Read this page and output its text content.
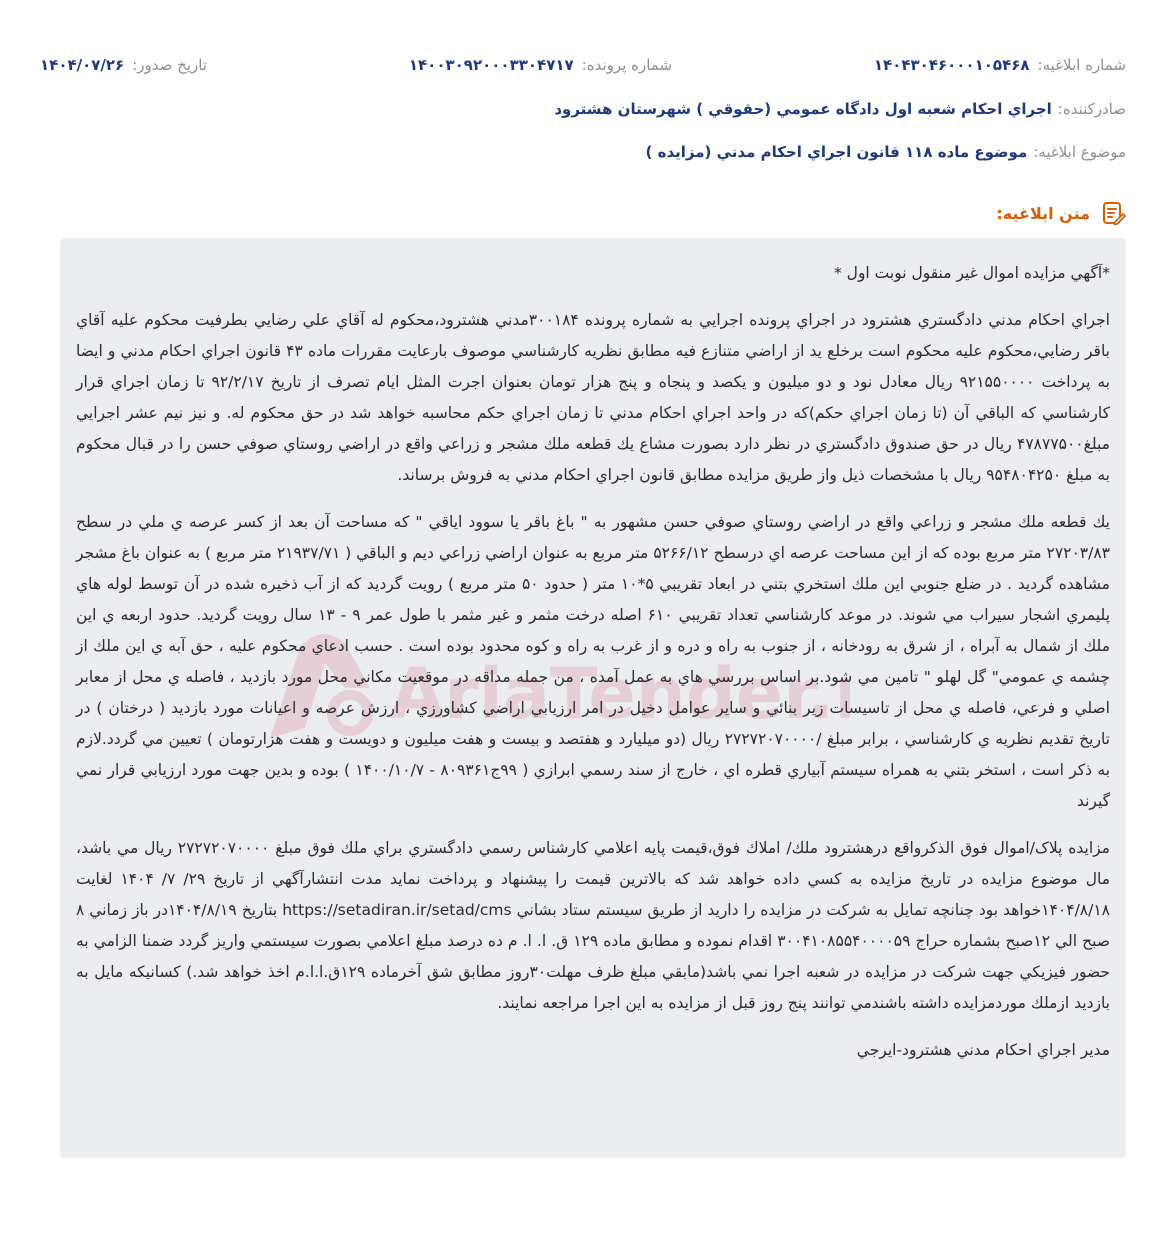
شماره ابلاغیه:
۱۴۰۴۳۰۴۶۰۰۰۱۰۵۴۶۸
شماره پرونده:
۱۴۰۰۳۰۹۲۰۰۰۳۳۰۴۷۱۷
تاریخ صدور:
۱۴۰۴/۰۷/۲۶
صادرکننده:
اجراي احكام شعبه اول دادگاه عمومي (حقوقي ) شهرستان هشترود
موضوع ابلاغیه:
موضوع ماده ۱۱۸ قانون اجراي احكام مدني (مزايده )
متن ابلاغیه:
AriaTender.

*آگهي مزايده اموال غير منقول نوبت اول *

اجراي احكام مدني دادگستري هشترود در اجراي پرونده اجرايي به شماره پرونده ۳۰۰۱۸۴مدني هشترود،محكوم له آقاي علي رضايي بطرفيت محكوم عليه آقاي باقر رضايي،محكوم عليه محكوم است برخلع يد از اراضي متنازع فيه مطابق نظريه كارشناسي موصوف بارعايت مقررات ماده ۴۳ قانون اجراي احكام مدني و ايضا به پرداخت ۹۲۱۵۵۰۰۰۰ ريال معادل نود و دو ميليون و يكصد و پنجاه و پنج هزار تومان بعنوان اجرت المثل ايام تصرف از تاريخ ۹۲/۲/۱۷ تا زمان اجراي قرار كارشناسي كه الباقي آن (تا زمان اجراي حكم)كه در واحد اجراي احكام مدني تا زمان اجراي حكم محاسبه خواهد شد در حق محكوم له. و نيز نيم عشر اجرايي مبلغ۴۷۸۷۷۵۰۰ ريال در حق صندوق دادگستري در نظر دارد بصورت مشاع يك قطعه ملك مشجر و زراعي واقع در اراضي روستاي صوفي حسن را در قبال محكوم به مبلغ ۹۵۴۸۰۴۲۵۰ ريال با مشخصات ذيل واز طريق مزايده مطابق قانون اجراي احكام مدني به فروش برساند.

يك قطعه ملك مشجر و زراعي واقع در اراضي روستاي صوفي حسن مشهور به " باغ باقر يا سوود اياقي " كه مساحت آن بعد از كسر عرصه ي ملي در سطح ۲۷۲۰۳/۸۳ متر مربع بوده كه از اين مساحت عرصه اي درسطح ۵۲۶۶/۱۲ متر مربع به عنوان اراضي زراعي ديم و الباقي ( ۲۱۹۳۷/۷۱ متر مربع ) به عنوان باغ مشجر مشاهده گرديد . در ضلع جنوبي اين ملك استخري بتني در ابعاد تقريبي ۵*۱۰ متر ( حدود ۵۰ متر مربع ) رويت گرديد كه از آب ذخيره شده در آن توسط لوله هاي پليمري اشجار سيراب مي شوند. در موعد كارشناسي تعداد تقريبي ۶۱۰ اصله درخت مثمر و غير مثمر با طول عمر ۹ - ۱۳ سال رويت گرديد. حدود اربعه ي اين ملك از شمال به آبراه ، از شرق به رودخانه ، از جنوب به راه و دره و از غرب به راه و كوه محدود بوده است . حسب ادعاي محكوم عليه ، حق آبه ي اين ملك از چشمه ي عمومي" گل لهلو " تامين مي شود.بر اساس بررسي هاي به عمل آمده ، من جمله مداقه در موقعيت مكاني محل مورد بازديد ، فاصله ي محل از معابر اصلي و فرعي، فاصله ي محل از تاسيسات زير بنائي و ساير عوامل دخيل در امر ارزيابي اراضي كشاورزي ، ارزش عرصه و اعيانات مورد بازديد ( درختان ) در تاريخ تقديم نظريه ي كارشناسي ، برابر مبلغ /۲۷۲۷۲۰۷۰۰۰۰ ريال (دو ميليارد و هفتصد و بيست و هفت ميليون و دويست و هفت هزارتومان ) تعيين مي گردد.لازم به ذكر است ، استخر بتني به همراه سيستم آبياري قطره اي ، خارج از سند رسمي ابرازي ( ۹۹ج۸۰۹۳۶۱ - ۱۴۰۰/۱۰/۷ ) بوده و بدين جهت مورد ارزيابي قرار نمي گيرند

مزايده پلاک/اموال فوق الذکرواقع درهشترود ملك/ املاك فوق،قيمت پايه اعلامي كارشناس رسمي دادگستري براي ملك فوق مبلغ ۲۷۲۷۲۰۷۰۰۰۰ ريال مي باشد، مال موضوع مزايده در تاريخ مزايده به كسي داده خواهد شد كه بالاترين قيمت را پيشنهاد و پرداخت نمايد مدت انتشارآگهي از تاريخ ۲۹/ ۷/ ۱۴۰۴ لغايت ۱۴۰۴/۸/۱۸خواهد بود چنانچه تمايل به شركت در مزايده را داريد از طريق سيستم ستاد بشاني https://setadiran.ir/setad/cms بتاريخ ۱۴۰۴/۸/۱۹در باز زماني ۸ صبح الي ۱۲صبح بشماره حراج ۳۰۰۴۱۰۸۵۵۴۰۰۰۰۵۹ اقدام نموده و مطابق ماده ۱۲۹ ق. ا. ا. م ده درصد مبلغ اعلامي بصورت سيستمي واريز گردد ضمنا الزامي به حضور فيزيكي جهت شركت در مزايده در شعبه اجرا نمي باشد(مابقي مبلغ ظرف مهلت۳۰روز مطابق شق آخرماده ۱۲۹ق.ا.ا.م اخذ خواهد شد.) كسانيكه مايل به بازديد ازملك موردمزايده داشته باشندمي توانند پنج روز قبل از مزايده به اين اجرا مراجعه نمايند.

مدير اجراي احكام مدني هشترود-ايرجي
